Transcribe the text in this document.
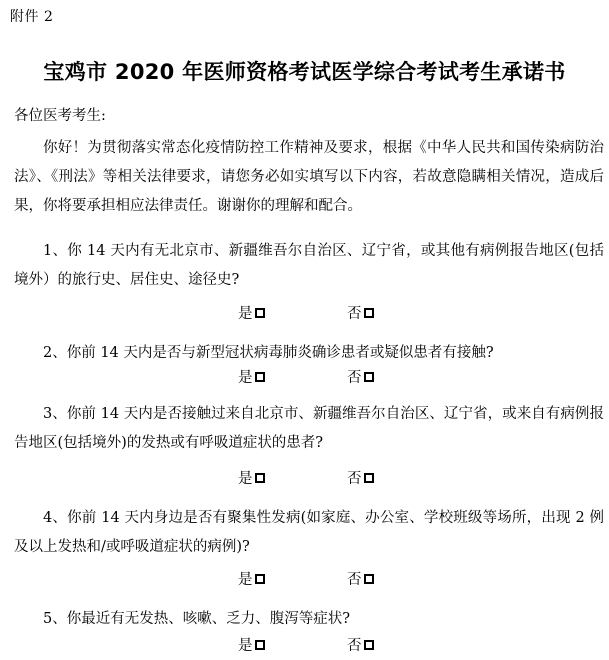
附件 2
宝鸡市 2020 年医师资格考试医学综合考试考生承诺书
各位医考考生:
你好！为贯彻落实常态化疫情防控工作精神及要求，根据《中华人民共和国传染病防治法》、《刑法》等相关法律要求，请您务必如实填写以下内容，若故意隐瞒相关情况，造成后果，你将要承担相应法律责任。谢谢你的理解和配合。
1、你 14 天内有无北京市、新疆维吾尔自治区、辽宁省，或其他有病例报告地区(包括境外）的旅行史、居住史、途径史?
是	否
2、你前 14 天内是否与新型冠状病毒肺炎确诊患者或疑似患者有接触?
是	否
3、你前 14 天内是否接触过来自北京市、新疆维吾尔自治区、辽宁省，或来自有病例报告地区(包括境外)的发热或有呼吸道症状的患者?
是	否
4、你前 14 天内身边是否有聚集性发病(如家庭、办公室、学校班级等场所，出现 2 例及以上发热和/或呼吸道症状的病例)?
是	否
5、你最近有无发热、咳嗽、乏力、腹泻等症状?
是	否
